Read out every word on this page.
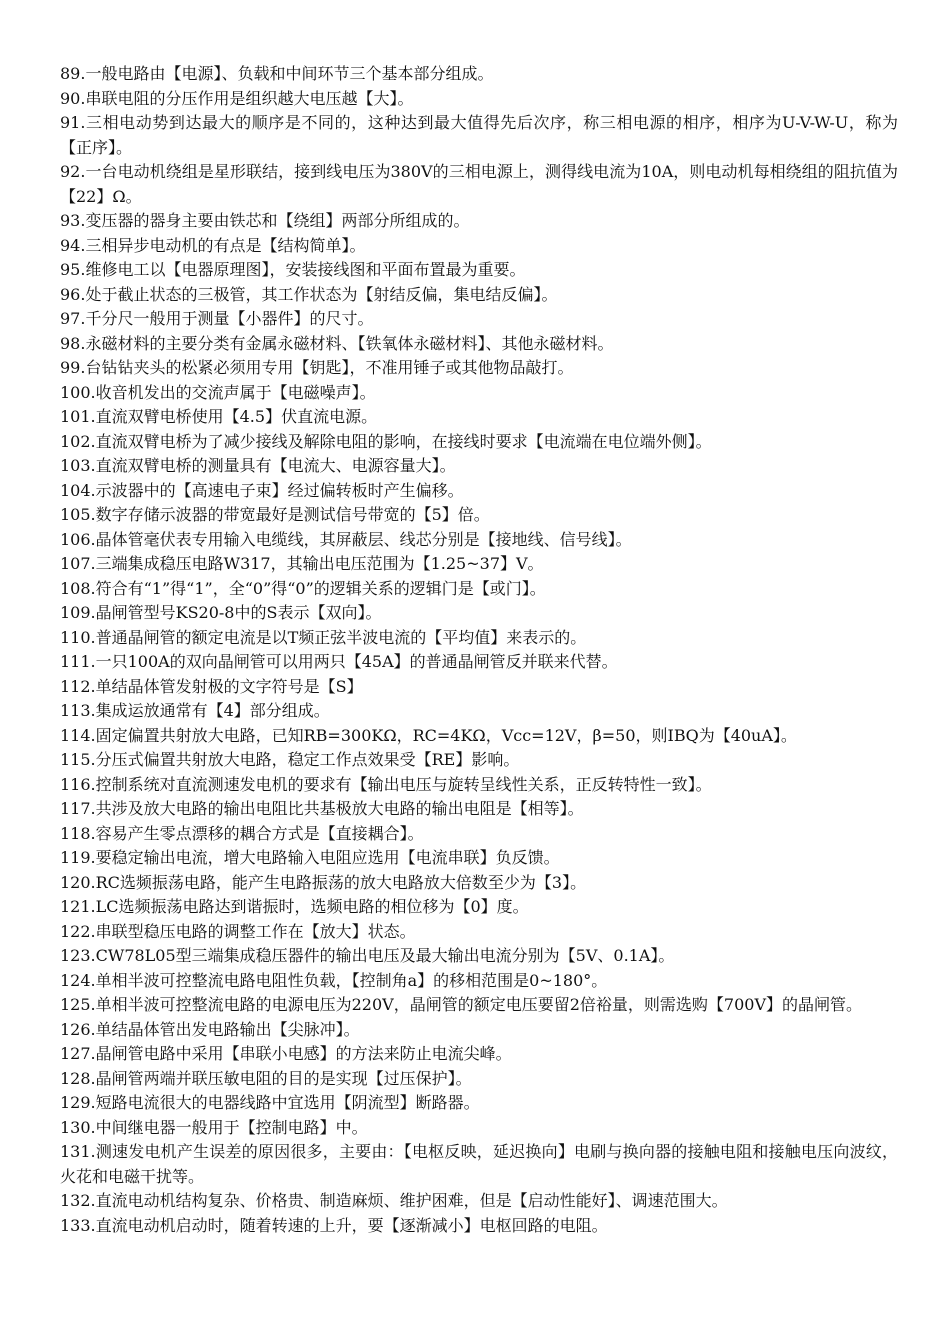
89.一般电路由【电源】、负载和中间环节三个基本部分组成。

90.串联电阻的分压作用是组织越大电压越【大】。

91.三相电动势到达最大的顺序是不同的，这种达到最大值得先后次序，称三相电源的相序，相序为U-V-W-U，称为【正序】。

92.一台电动机绕组是星形联结，接到线电压为380V的三相电源上，测得线电流为10A，则电动机每相绕组的阻抗值为【22】Ω。

93.变压器的器身主要由铁芯和【绕组】两部分所组成的。

94.三相异步电动机的有点是【结构简单】。

95.维修电工以【电器原理图】，安装接线图和平面布置最为重要。

96.处于截止状态的三极管，其工作状态为【射结反偏，集电结反偏】。

97.千分尺一般用于测量【小器件】的尺寸。

98.永磁材料的主要分类有金属永磁材料、【铁氧体永磁材料】、其他永磁材料。

99.台钻钻夹头的松紧必须用专用【钥匙】，不准用锤子或其他物品敲打。

100.收音机发出的交流声属于【电磁噪声】。

101.直流双臂电桥使用【4.5】伏直流电源。

102.直流双臂电桥为了减少接线及解除电阻的影响，在接线时要求【电流端在电位端外侧】。

103.直流双臂电桥的测量具有【电流大、电源容量大】。

104.示波器中的【高速电子束】经过偏转板时产生偏移。

105.数字存储示波器的带宽最好是测试信号带宽的【5】倍。

106.晶体管毫伏表专用输入电缆线，其屏蔽层、线芯分别是【接地线、信号线】。

107.三端集成稳压电路W317，其输出电压范围为【1.25~37】V。

108.符合有“1”得“1”，全“0”得“0”的逻辑关系的逻辑门是【或门】。

109.晶闸管型号KS20-8中的S表示【双向】。

110.普通晶闸管的额定电流是以T频正弦半波电流的【平均值】来表示的。

111.一只100A的双向晶闸管可以用两只【45A】的普通晶闸管反并联来代替。

112.单结晶体管发射极的文字符号是【S】

113.集成运放通常有【4】部分组成。

114.固定偏置共射放大电路，已知RB=300KΩ，RC=4KΩ，Vcc=12V，β=50，则IBQ为【40uA】。

115.分压式偏置共射放大电路，稳定工作点效果受【RE】影响。

116.控制系统对直流测速发电机的要求有【输出电压与旋转呈线性关系，正反转特性一致】。

117.共涉及放大电路的输出电阻比共基极放大电路的输出电阻是【相等】。

118.容易产生零点漂移的耦合方式是【直接耦合】。

119.要稳定输出电流，增大电路输入电阻应选用【电流串联】负反馈。

120.RC选频振荡电路，能产生电路振荡的放大电路放大倍数至少为【3】。

121.LC选频振荡电路达到谐振时，选频电路的相位移为【0】度。

122.串联型稳压电路的调整工作在【放大】状态。

123.CW78L05型三端集成稳压器件的输出电压及最大输出电流分别为【5V、0.1A】。

124.单相半波可控整流电路电阻性负载，【控制角a】的移相范围是0~180°。

125.单相半波可控整流电路的电源电压为220V，晶闸管的额定电压要留2倍裕量，则需选购【700V】的晶闸管。

126.单结晶体管出发电路输出【尖脉冲】。

127.晶闸管电路中采用【串联小电感】的方法来防止电流尖峰。

128.晶闸管两端并联压敏电阻的目的是实现【过压保护】。

129.短路电流很大的电器线路中宜选用【阴流型】断路器。

130.中间继电器一般用于【控制电路】中。

131.测速发电机产生误差的原因很多，主要由：【电枢反映，延迟换向】电刷与换向器的接触电阻和接触电压向波纹，火花和电磁干扰等。

132.直流电动机结构复杂、价格贵、制造麻烦、维护困难，但是【启动性能好】、调速范围大。

133.直流电动机启动时，随着转速的上升，要【逐渐减小】电枢回路的电阻。
